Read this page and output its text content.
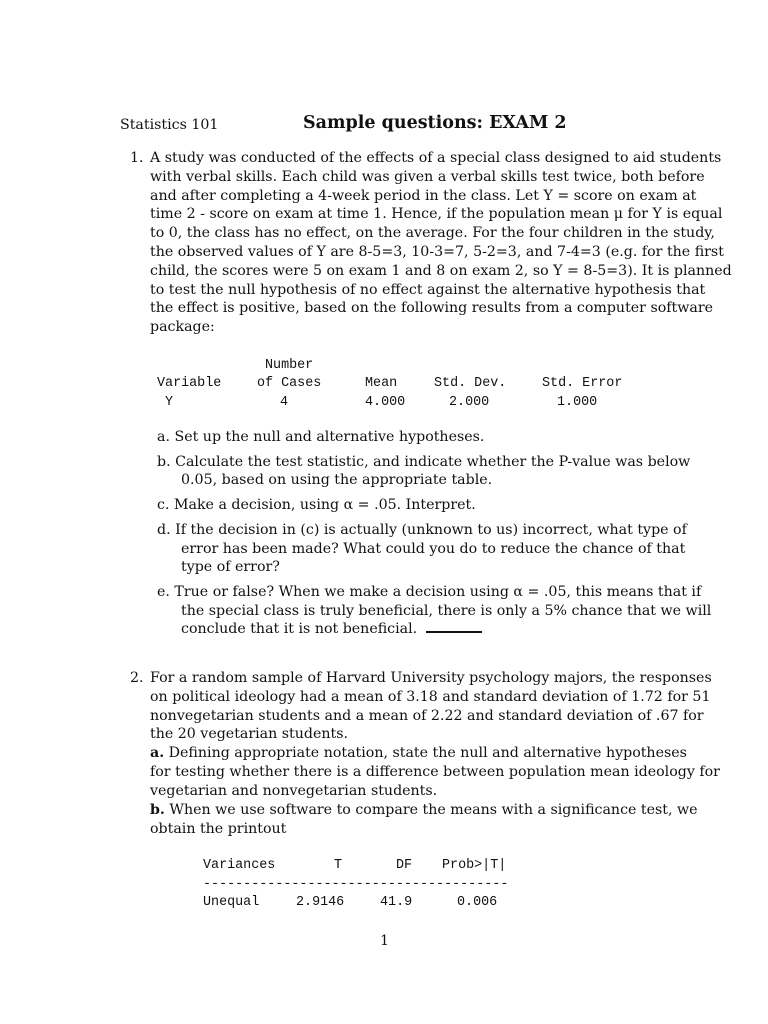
Statistics 101	Sample questions: EXAM 2
1. A study was conducted of the effects of a special class designed to aid students
with verbal skills. Each child was given a verbal skills test twice, both before
and after completing a 4-week period in the class. Let Y = score on exam at
time 2 - score on exam at time 1. Hence, if the population mean μ for Y is equal
to 0, the class has no effect, on the average. For the four children in the study,
the observed values of Y are 8-5=3, 10-3=7, 5-2=3, and 7-4=3 (e.g. for the first
child, the scores were 5 on exam 1 and 8 on exam 2, so Y = 8-5=3). It is planned
to test the null hypothesis of no effect against the alternative hypothesis that
the effect is positive, based on the following results from a computer software
package:
Number
Variable	of Cases	Mean	Std. Dev.	Std. Error
Y	4	4.000	2.000	1.000
a. Set up the null and alternative hypotheses.
b. Calculate the test statistic, and indicate whether the P-value was below
0.05, based on using the appropriate table.
c. Make a decision, using α = .05. Interpret.
d. If the decision in (c) is actually (unknown to us) incorrect, what type of
error has been made? What could you do to reduce the chance of that
type of error?
e. True or false? When we make a decision using α = .05, this means that if
the special class is truly beneficial, there is only a 5% chance that we will
conclude that it is not beneficial.
2. For a random sample of Harvard University psychology majors, the responses
on political ideology had a mean of 3.18 and standard deviation of 1.72 for 51
nonvegetarian students and a mean of 2.22 and standard deviation of .67 for
the 20 vegetarian students.
a. Defining appropriate notation, state the null and alternative hypotheses
for testing whether there is a difference between population mean ideology for
vegetarian and nonvegetarian students.
b. When we use software to compare the means with a significance test, we
obtain the printout
Variances	T	DF Prob>|T|
--------------------------------------
Unequal	2.9146	41.9	0.006
1
